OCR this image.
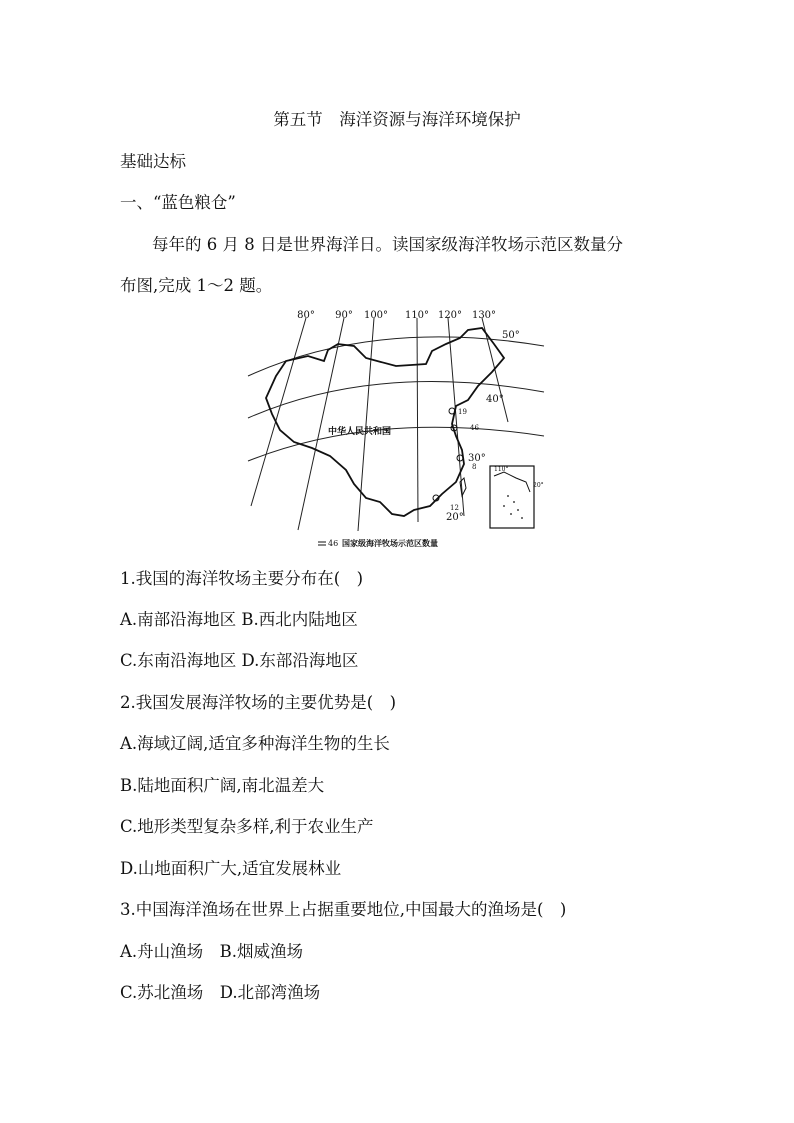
第五节　海洋资源与海洋环境保护
基础达标
一、“蓝色粮仓”
每年的 6 月 8 日是世界海洋日。读国家级海洋牧场示范区数量分
布图,完成 1～2 题。
80° 90° 100° 110° 120° 130°
50°
40°
30°
20°
中华人民共和国
19
46
8
12
110°
20°
46 国家级海洋牧场示范区数量
1.我国的海洋牧场主要分布在(　)
A.南部沿海地区 B.西北内陆地区
C.东南沿海地区 D.东部沿海地区
2.我国发展海洋牧场的主要优势是(　)
A.海域辽阔,适宜多种海洋生物的生长
B.陆地面积广阔,南北温差大
C.地形类型复杂多样,利于农业生产
D.山地面积广大,适宜发展林业
3.中国海洋渔场在世界上占据重要地位,中国最大的渔场是(　)
A.舟山渔场　B.烟威渔场
C.苏北渔场　D.北部湾渔场
